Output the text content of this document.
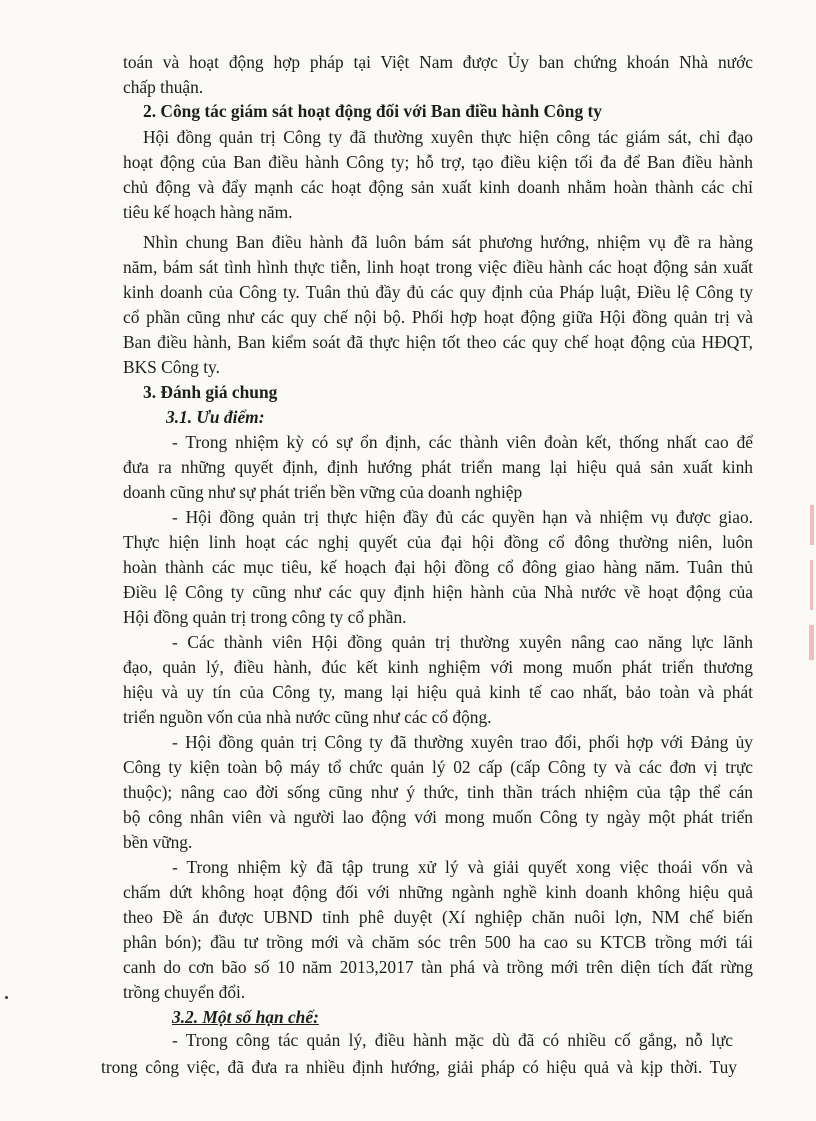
toán và hoạt động hợp pháp tại Việt Nam được Ủy ban chứng khoán Nhà nước
chấp thuận.
2. Công tác giám sát hoạt động đối với Ban điều hành Công ty
Hội đồng quản trị Công ty đã thường xuyên thực hiện công tác giám sát, chỉ đạo
hoạt động của Ban điều hành Công ty; hỗ trợ, tạo điều kiện tối đa để Ban điều hành
chủ động và đẩy mạnh các hoạt động sản xuất kinh doanh nhằm hoàn thành các chỉ
tiêu kế hoạch hàng năm.
Nhìn chung Ban điều hành đã luôn bám sát phương hướng, nhiệm vụ đề ra hàng
năm, bám sát tình hình thực tiễn, linh hoạt trong việc điều hành các hoạt động sản xuất
kinh doanh của Công ty. Tuân thủ đầy đủ các quy định của Pháp luật, Điều lệ Công ty
cổ phần cũng như các quy chế nội bộ. Phối hợp hoạt động giữa Hội đồng quản trị và
Ban điều hành, Ban kiểm soát đã thực hiện tốt theo các quy chế hoạt động của HĐQT,
BKS Công ty.
3. Đánh giá chung
3.1. Ưu điểm:
- Trong nhiệm kỳ có sự ổn định, các thành viên đoàn kết, thống nhất cao để
đưa ra những quyết định, định hướng phát triển mang lại hiệu quả sản xuất kinh
doanh cũng như sự phát triển bền vững của doanh nghiệp
- Hội đồng quản trị thực hiện đầy đủ các quyền hạn và nhiệm vụ được giao.
Thực hiện linh hoạt các nghị quyết của đại hội đồng cổ đông thường niên, luôn
hoàn thành các mục tiêu, kế hoạch đại hội đồng cổ đông giao hàng năm. Tuân thủ
Điều lệ Công ty cũng như các quy định hiện hành của Nhà nước về hoạt động của
Hội đồng quản trị trong công ty cổ phần.
- Các thành viên Hội đồng quản trị thường xuyên nâng cao năng lực lãnh
đạo, quản lý, điều hành, đúc kết kinh nghiệm với mong muốn phát triển thương
hiệu và uy tín của Công ty, mang lại hiệu quả kinh tế cao nhất, bảo toàn và phát
triển nguồn vốn của nhà nước cũng như các cổ động.
- Hội đồng quản trị Công ty đã thường xuyên trao đổi, phối hợp với Đảng ủy
Công ty kiện toàn bộ máy tổ chức quản lý 02 cấp (cấp Công ty và các đơn vị trực
thuộc); nâng cao đời sống cũng như ý thức, tinh thần trách nhiệm của tập thể cán
bộ công nhân viên và người lao động với mong muốn Công ty ngày một phát triển
bền vững.
- Trong nhiệm kỳ đã tập trung xử lý và giải quyết xong việc thoái vốn và
chấm dứt không hoạt động đối với những ngành nghề kinh doanh không hiệu quả
theo Đề án được UBND tỉnh phê duyệt (Xí nghiệp chăn nuôi lợn, NM chế biến
phân bón); đầu tư trồng mới và chăm sóc trên 500 ha cao su KTCB trồng mới tái
canh do cơn bão số 10 năm 2013,2017 tàn phá và trồng mới trên diện tích đất rừng
trồng chuyển đổi.
3.2. Một số hạn chế:
- Trong công tác quản lý, điều hành mặc dù đã có nhiều cố gắng, nỗ lực
trong công việc, đã đưa ra nhiều định hướng, giải pháp có hiệu quả và kịp thời. Tuy
